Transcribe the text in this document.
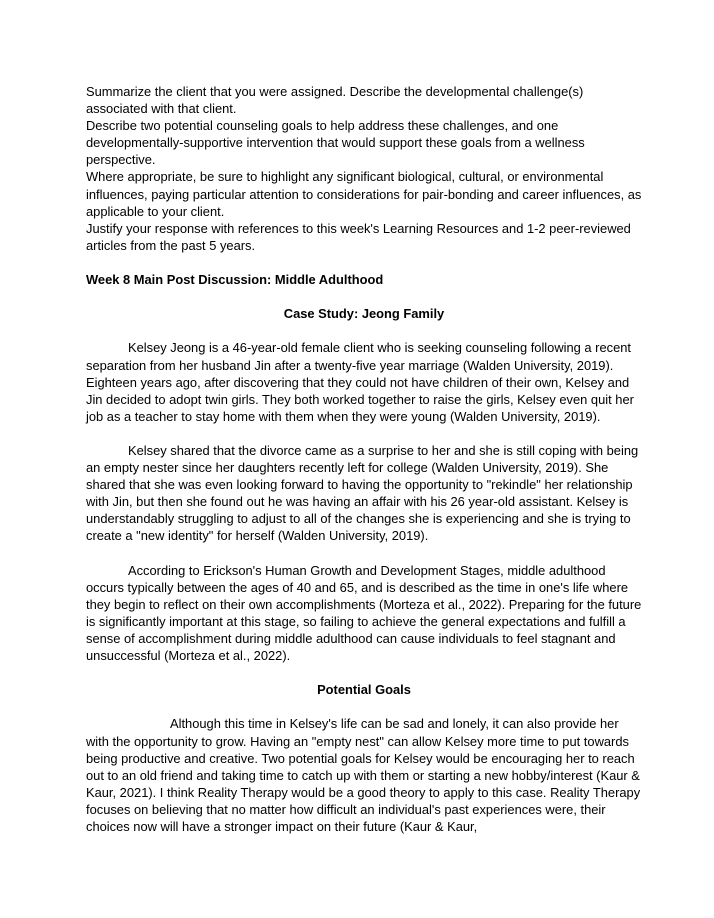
Summarize the client that you were assigned. Describe the developmental challenge(s) associated with that client.

Describe two potential counseling goals to help address these challenges, and one developmentally-supportive intervention that would support these goals from a wellness perspective.

Where appropriate, be sure to highlight any significant biological, cultural, or environmental influences, paying particular attention to considerations for pair-bonding and career influences, as applicable to your client.

Justify your response with references to this week's Learning Resources and 1-2 peer-reviewed articles from the past 5 years.

Week 8 Main Post Discussion: Middle Adulthood

Case Study: Jeong Family

Kelsey Jeong is a 46-year-old female client who is seeking counseling following a recent separation from her husband Jin after a twenty-five year marriage (Walden University, 2019). Eighteen years ago, after discovering that they could not have children of their own, Kelsey and Jin decided to adopt twin girls. They both worked together to raise the girls, Kelsey even quit her job as a teacher to stay home with them when they were young (Walden University, 2019).

Kelsey shared that the divorce came as a surprise to her and she is still coping with being an empty nester since her daughters recently left for college (Walden University, 2019). She shared that she was even looking forward to having the opportunity to "rekindle" her relationship with Jin, but then she found out he was having an affair with his 26 year-old assistant. Kelsey is understandably struggling to adjust to all of the changes she is experiencing and she is trying to create a "new identity" for herself (Walden University, 2019).

According to Erickson's Human Growth and Development Stages, middle adulthood occurs typically between the ages of 40 and 65, and is described as the time in one's life where they begin to reflect on their own accomplishments (Morteza et al., 2022). Preparing for the future is significantly important at this stage, so failing to achieve the general expectations and fulfill a sense of accomplishment during middle adulthood can cause individuals to feel stagnant and unsuccessful (Morteza et al., 2022).

Potential Goals

Although this time in Kelsey's life can be sad and lonely, it can also provide her with the opportunity to grow. Having an "empty nest" can allow Kelsey more time to put towards being productive and creative. Two potential goals for Kelsey would be encouraging her to reach out to an old friend and taking time to catch up with them or starting a new hobby/interest (Kaur & Kaur, 2021). I think Reality Therapy would be a good theory to apply to this case. Reality Therapy focuses on believing that no matter how difficult an individual's past experiences were, their choices now will have a stronger impact on their future (Kaur & Kaur,
